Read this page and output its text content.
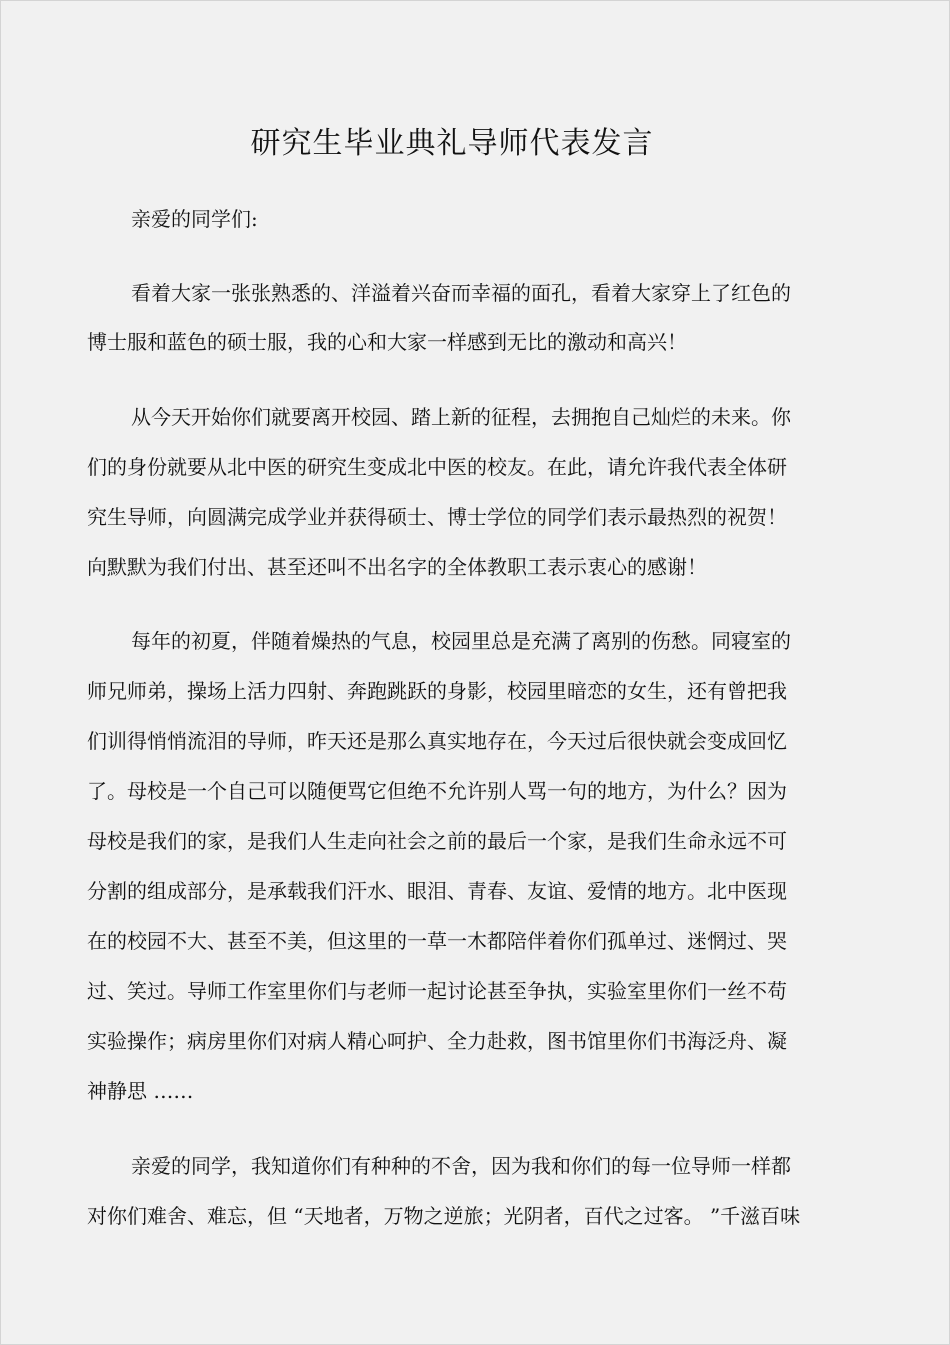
研究生毕业典礼导师代表发言
亲爱的同学们:
看着大家一张张熟悉的、洋溢着兴奋而幸福的面孔，看着大家穿上了红色的
博士服和蓝色的硕士服，我的心和大家一样感到无比的激动和高兴！
从今天开始你们就要离开校园、踏上新的征程，去拥抱自己灿烂的未来。你
们的身份就要从北中医的研究生变成北中医的校友。在此，请允许我代表全体研
究生导师，向圆满完成学业并获得硕士、博士学位的同学们表示最热烈的祝贺！
向默默为我们付出、甚至还叫不出名字的全体教职工表示衷心的感谢！
每年的初夏，伴随着燥热的气息，校园里总是充满了离别的伤愁。同寝室的
师兄师弟，操场上活力四射、奔跑跳跃的身影，校园里暗恋的女生，还有曾把我
们训得悄悄流泪的导师，昨天还是那么真实地存在，今天过后很快就会变成回忆
了。母校是一个自己可以随便骂它但绝不允许别人骂一句的地方，为什么？因为
母校是我们的家，是我们人生走向社会之前的最后一个家，是我们生命永远不可
分割的组成部分，是承载我们汗水、眼泪、青春、友谊、爱情的地方。北中医现
在的校园不大、甚至不美，但这里的一草一木都陪伴着你们孤单过、迷惘过、哭
过、笑过。导师工作室里你们与老师一起讨论甚至争执，实验室里你们一丝不苟
实验操作；病房里你们对病人精心呵护、全力赴救，图书馆里你们书海泛舟、凝
神静思 ……
亲爱的同学，我知道你们有种种的不舍，因为我和你们的每一位导师一样都
对你们难舍、难忘，但 “天地者，万物之逆旅；光阴者，百代之过客。 ”千滋百味
